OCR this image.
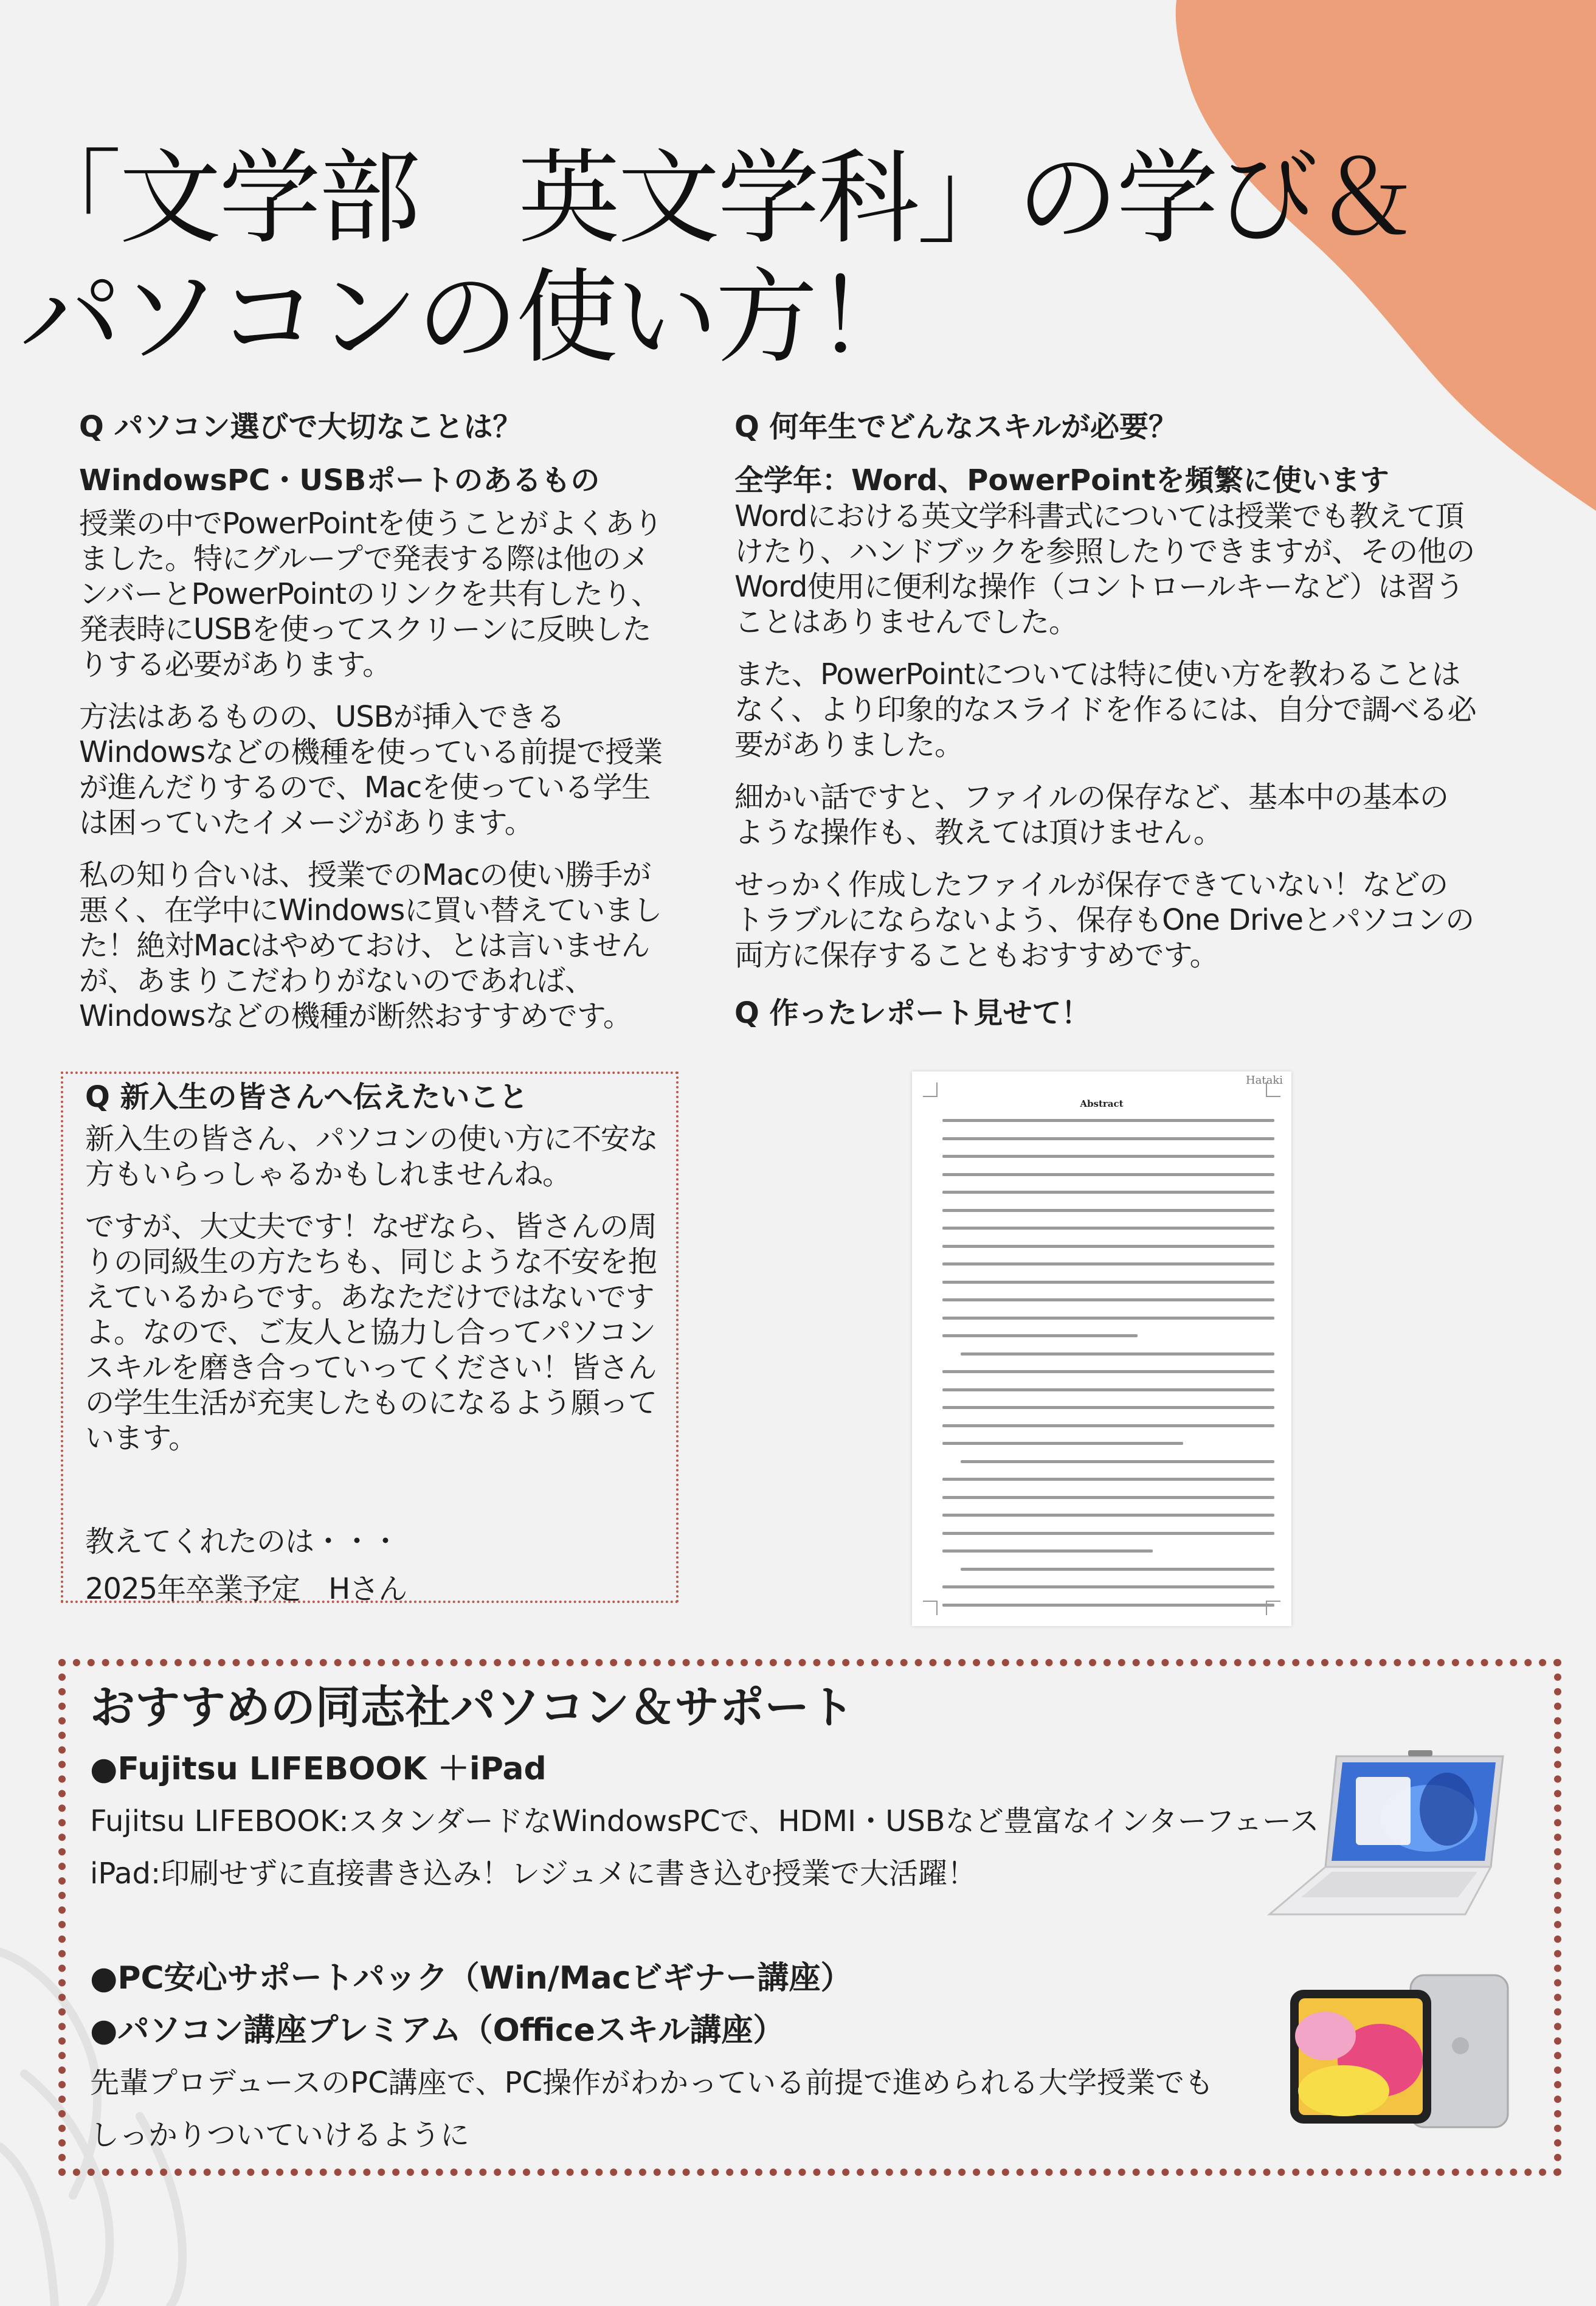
「文学部　英文学科」の学び＆
パソコンの使い方！

Q パソコン選びで大切なことは？

WindowsPC・USBポートのあるもの

授業の中でPowerPointを使うことがよくありました。特にグループで発表する際は他のメンバーとPowerPointのリンクを共有したり、発表時にUSBを使ってスクリーンに反映したりする必要があります。

方法はあるものの、USBが挿入できるWindowsなどの機種を使っている前提で授業が進んだりするので、Macを使っている学生は困っていたイメージがあります。

私の知り合いは、授業でのMacの使い勝手が悪く、在学中にWindowsに買い替えていました！絶対Macはやめておけ、とは言いませんが、あまりこだわりがないのであれば、Windowsなどの機種が断然おすすめです。

Q 新入生の皆さんへ伝えたいこと

新入生の皆さん、パソコンの使い方に不安な方もいらっしゃるかもしれませんね。

ですが、大丈夫です！なぜなら、皆さんの周りの同級生の方たちも、同じような不安を抱えているからです。あなただけではないですよ。なので、ご友人と協力し合ってパソコンスキルを磨き合っていってください！皆さんの学生生活が充実したものになるよう願っています。

教えてくれたのは・・・

2025年卒業予定　Hさん

Q 何年生でどんなスキルが必要？

全学年：Word、PowerPointを頻繁に使います

Wordにおける英文学科書式については授業でも教えて頂けたり、ハンドブックを参照したりできますが、その他のWord使用に便利な操作（コントロールキーなど）は習うことはありませんでした。

また、PowerPointについては特に使い方を教わることはなく、より印象的なスライドを作るには、自分で調べる必要がありました。

細かい話ですと、ファイルの保存など、基本中の基本のような操作も、教えては頂けません。

せっかく作成したファイルが保存できていない！などのトラブルにならないよう、保存もOne Driveとパソコンの両方に保存することもおすすめです。

Q 作ったレポート見せて！

Hataki
Abstract

おすすめの同志社パソコン＆サポート

●Fujitsu LIFEBOOK ＋iPad

Fujitsu LIFEBOOK:スタンダードなWindowsPCで、HDMI・USBなど豊富なインターフェース

iPad:印刷せずに直接書き込み！レジュメに書き込む授業で大活躍！

●PC安心サポートパック（Win/Macビギナー講座）

●パソコン講座プレミアム（Officeスキル講座）

先輩プロデュースのPC講座で、PC操作がわかっている前提で進められる大学授業でも

しっかりついていけるように
